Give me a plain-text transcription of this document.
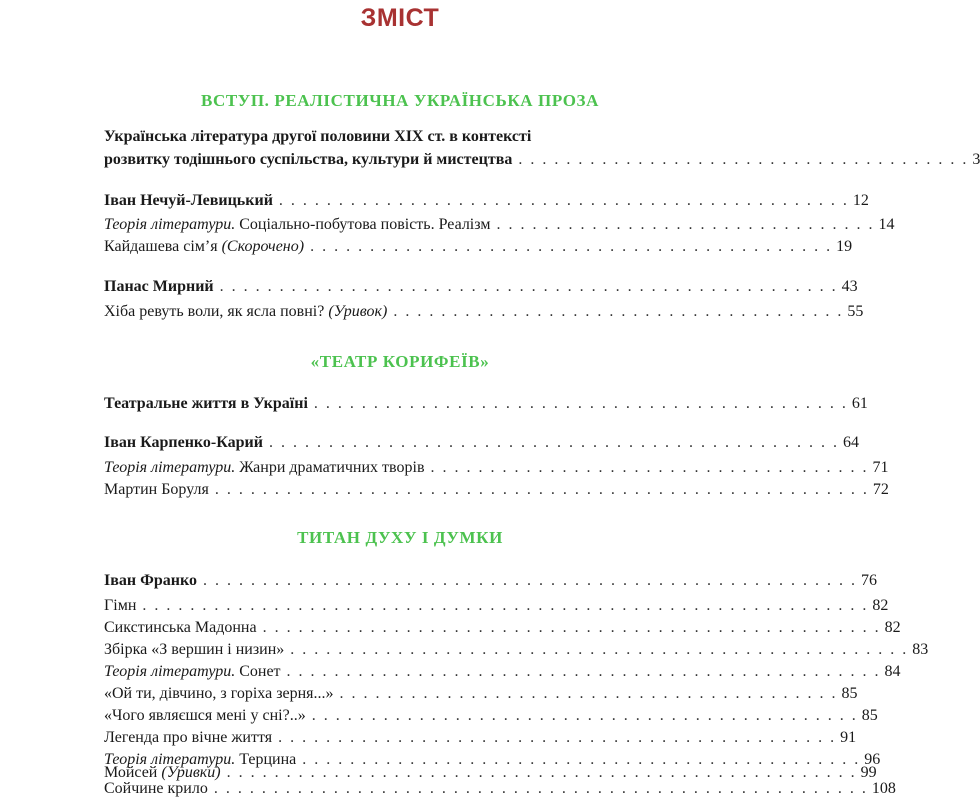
ЗМІСТ
ВСТУП. РЕАЛІСТИЧНА УКРАЇНСЬКА ПРОЗА
«ТЕАТР КОРИФЕЇВ»
ТИТАН ДУХУ І ДУМКИ
Українська література другої половини XIX ст. в контексті
розвитку тодішнього суспільства, культури й мистецтва . . . . . . . . . . . . . . . . . . . . . . . . . . . . . . . . . . . . . . 3
Іван Нечуй-Левицький . . . . . . . . . . . . . . . . . . . . . . . . . . . . . . . . . . . . . . . . . . . . . . . . 12
Теорія літератури. Соціально-побутова повість. Реалізм . . . . . . . . . . . . . . . . . . . . . . . . . . . . . . . . 14
Кайдашева сім’я (Скорочено) . . . . . . . . . . . . . . . . . . . . . . . . . . . . . . . . . . . . . . . . . . . . 19
Панас Мирний . . . . . . . . . . . . . . . . . . . . . . . . . . . . . . . . . . . . . . . . . . . . . . . . . . . . 43
Хіба ревуть воли, як ясла повні? (Уривок) . . . . . . . . . . . . . . . . . . . . . . . . . . . . . . . . . . . . . . 55
Театральне життя в Україні . . . . . . . . . . . . . . . . . . . . . . . . . . . . . . . . . . . . . . . . . . . . . 61
Іван Карпенко-Карий . . . . . . . . . . . . . . . . . . . . . . . . . . . . . . . . . . . . . . . . . . . . . . . . 64
Теорія літератури. Жанри драматичних творів . . . . . . . . . . . . . . . . . . . . . . . . . . . . . . . . . . . . . 71
Мартин Боруля . . . . . . . . . . . . . . . . . . . . . . . . . . . . . . . . . . . . . . . . . . . . . . . . . . . . . . . 72
Іван Франко . . . . . . . . . . . . . . . . . . . . . . . . . . . . . . . . . . . . . . . . . . . . . . . . . . . . . . . 76
Гімн . . . . . . . . . . . . . . . . . . . . . . . . . . . . . . . . . . . . . . . . . . . . . . . . . . . . . . . . . . . . . 82
Сикстинська Мадонна . . . . . . . . . . . . . . . . . . . . . . . . . . . . . . . . . . . . . . . . . . . . . . . . . . . . 82
Збірка «З вершин і низин» . . . . . . . . . . . . . . . . . . . . . . . . . . . . . . . . . . . . . . . . . . . . . . . . . . . . 83
Теорія літератури. Сонет . . . . . . . . . . . . . . . . . . . . . . . . . . . . . . . . . . . . . . . . . . . . . . . . . . 84
«Ой ти, дівчино, з горіха зерня...» . . . . . . . . . . . . . . . . . . . . . . . . . . . . . . . . . . . . . . . . . . 85
«Чого являєшся мені у сні?..» . . . . . . . . . . . . . . . . . . . . . . . . . . . . . . . . . . . . . . . . . . . . . . 85
Легенда про вічне життя . . . . . . . . . . . . . . . . . . . . . . . . . . . . . . . . . . . . . . . . . . . . . . . 91
Теорія літератури. Терцина . . . . . . . . . . . . . . . . . . . . . . . . . . . . . . . . . . . . . . . . . . . . . . . 96
Мойсей (Уривки) . . . . . . . . . . . . . . . . . . . . . . . . . . . . . . . . . . . . . . . . . . . . . . . . . . . . . 99
Сойчине крило . . . . . . . . . . . . . . . . . . . . . . . . . . . . . . . . . . . . . . . . . . . . . . . . . . . . . . . 108
